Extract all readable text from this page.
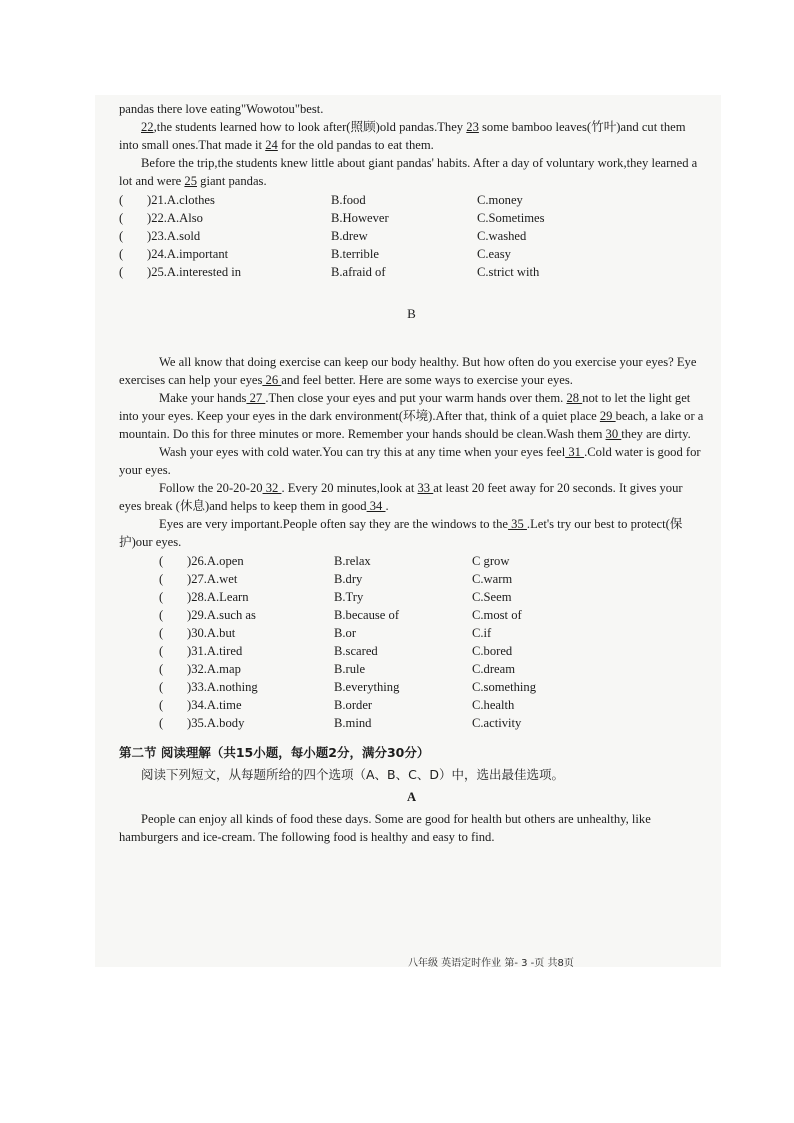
pandas there love eating"Wowotou"best.

22,the students learned how to look after(照顾)old pandas.They 23 some bamboo leaves(竹叶)and cut them into small ones.That made it 24 for the old pandas to eat them.

Before the trip,the students knew little about giant pandas' habits. After a day of voluntary work,they learned a lot and were 25 giant pandas.

( )21.A.clothes	B.food	C.money
( )22.A.Also	B.However	C.Sometimes
( )23.A.sold	B.drew	C.washed
( )24.A.important	B.terrible	C.easy
( )25.A.interested in	B.afraid of	C.strict with

B

We all know that doing exercise can keep our body healthy. But how often do you exercise your eyes? Eye exercises can help your eyes 26 and feel better. Here are some ways to exercise your eyes.

Make your hands 27 .Then close your eyes and put your warm hands over them. 28 not to let the light get into your eyes. Keep your eyes in the dark environment(环境).After that, think of a quiet place 29 beach, a lake or a mountain. Do this for three minutes or more. Remember your hands should be clean.Wash them 30 they are dirty.

Wash your eyes with cold water.You can try this at any time when your eyes feel 31 .Cold water is good for your eyes.

Follow the 20-20-20 32 . Every 20 minutes,look at 33 at least 20 feet away for 20 seconds. It gives your eyes break (休息)and helps to keep them in good 34 .

Eyes are very important.People often say they are the windows to the 35 .Let's try our best to protect(保护)our eyes.

( )26.A.open	B.relax	C grow
( )27.A.wet	B.dry	C.warm
( )28.A.Learn	B.Try	C.Seem
( )29.A.such as	B.because of	C.most of
( )30.A.but	B.or	C.if
( )31.A.tired	B.scared	C.bored
( )32.A.map	B.rule	C.dream
( )33.A.nothing	B.everything	C.something
( )34.A.time	B.order	C.health
( )35.A.body	B.mind	C.activity

第二节 阅读理解（共15小题，每小题2分，满分30分）

阅读下列短文，从每题所给的四个选项（A、B、C、D）中，选出最佳选项。

A

People can enjoy all kinds of food these days. Some are good for health but others are unhealthy, like hamburgers and ice-cream. The following food is healthy and easy to find.

八年级 英语定时作业 第- 3 -页 共8页
